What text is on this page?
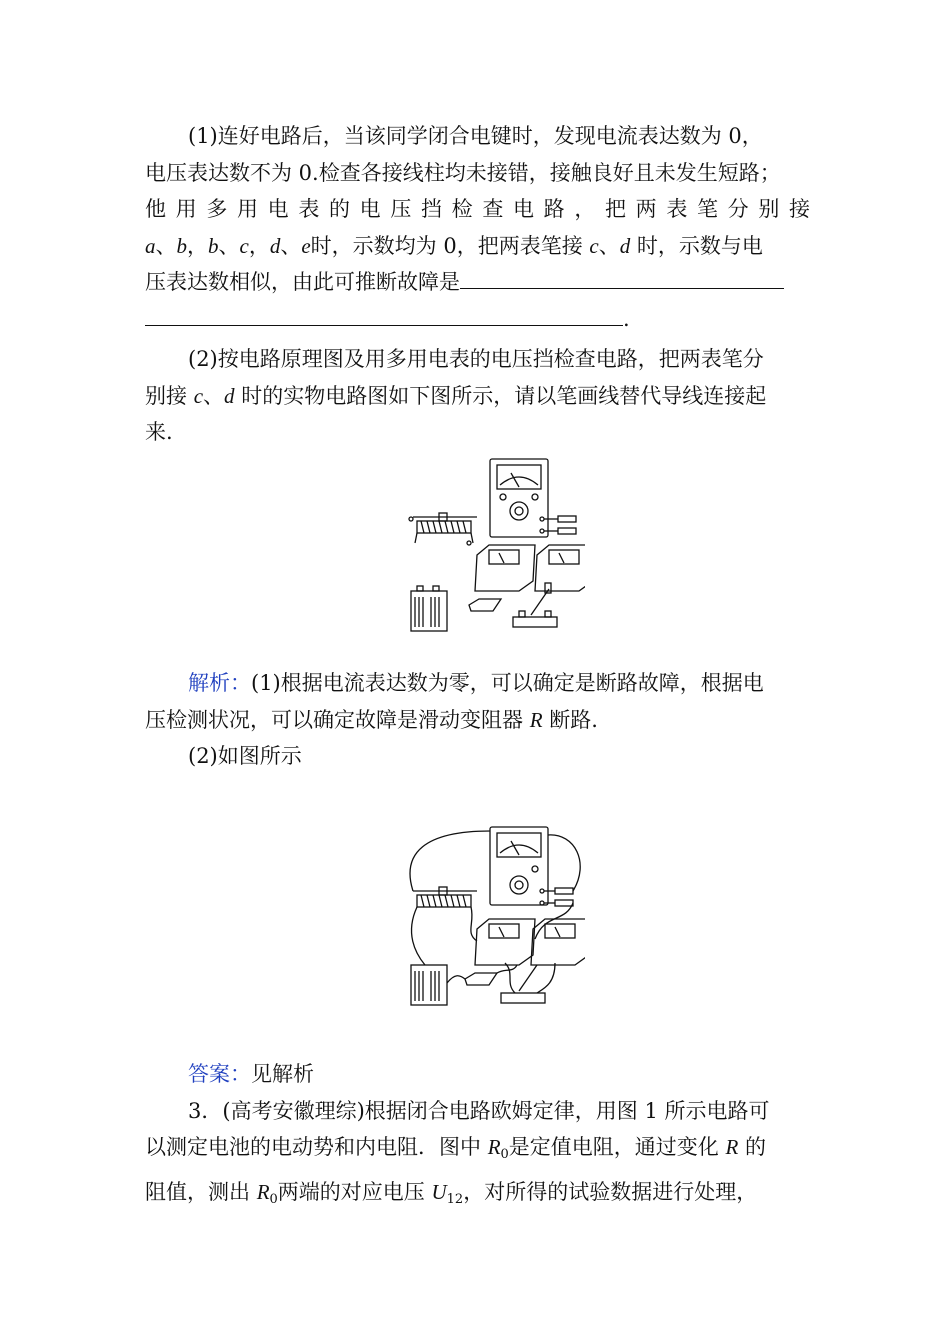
(1)连好电路后，当该同学闭合电键时，发现电流表达数为 0，

电压表达数不为 0.检查各接线柱均未接错，接触良好且未发生短路；

他用多用电表的电压挡检查电路，把两表笔分别接

a、b，b、c，d、e时，示数均为 0，把两表笔接 c、d 时，示数与电

压表达数相似，由此可推断故障是

.

(2)按电路原理图及用多用电表的电压挡检查电路，把两表笔分

别接 c、d 时的实物电路图如下图所示，请以笔画线替代导线连接起

来.

解析：(1)根据电流表达数为零，可以确定是断路故障，根据电

压检测状况，可以确定故障是滑动变阻器 R 断路.

(2)如图所示

答案：见解析

3．(高考安徽理综)根据闭合电路欧姆定律，用图 1 所示电路可

以测定电池的电动势和内电阻．图中 $R_0$是定值电阻，通过变化 R 的

阻值，测出 $R_0$两端的对应电压 $U_{12}$，对所得的试验数据进行处理，
